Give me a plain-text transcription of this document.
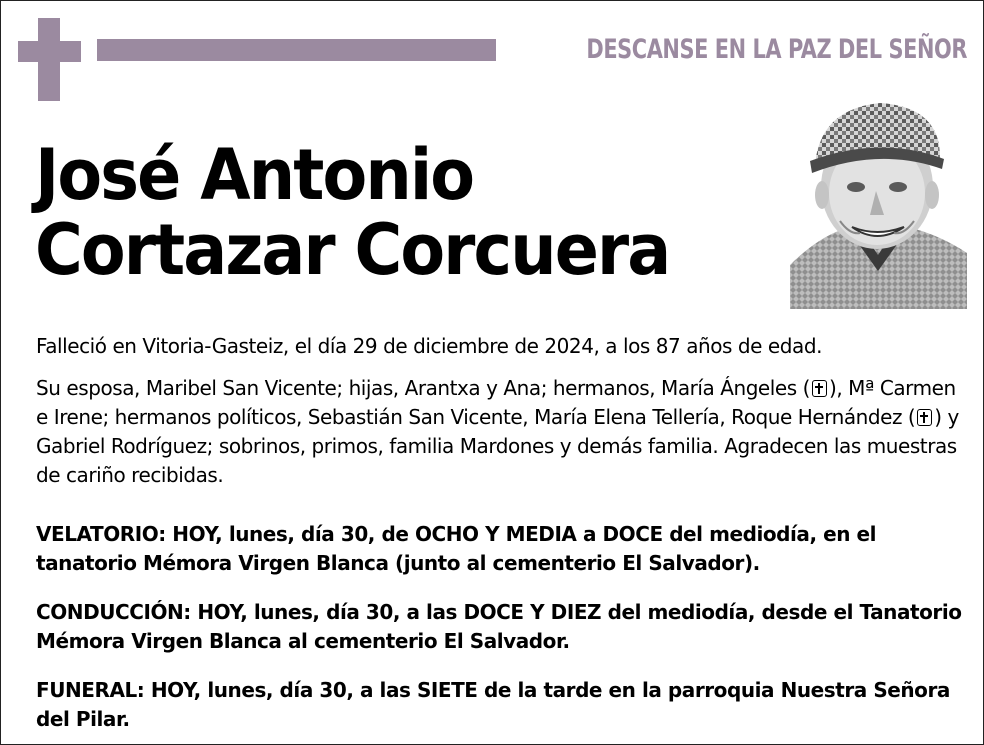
DESCANSE EN LA PAZ DEL SEÑOR
José Antonio
Cortazar Corcuera

Falleció en Vitoria-Gasteiz, el día 29 de diciembre de 2024, a los 87 años de edad.

Su esposa, Maribel San Vicente; hijas, Arantxa y Ana; hermanos, María Ángeles ( ), Mª Carmen e Irene; hermanos políticos, Sebastián San Vicente, María Elena Tellería, Roque Hernández ( ) y Gabriel Rodríguez; sobrinos, primos, familia Mardones y demás familia. Agradecen las muestras de cariño recibidas.

VELATORIO: HOY, lunes, día 30, de OCHO Y MEDIA a DOCE del mediodía, en el tanatorio Mémora Virgen Blanca (junto al cementerio El Salvador).

CONDUCCIÓN: HOY, lunes, día 30, a las DOCE Y DIEZ del mediodía, desde el Tanatorio Mémora Virgen Blanca al cementerio El Salvador.

FUNERAL: HOY, lunes, día 30, a las SIETE de la tarde en la parroquia Nuestra Señora del Pilar.
